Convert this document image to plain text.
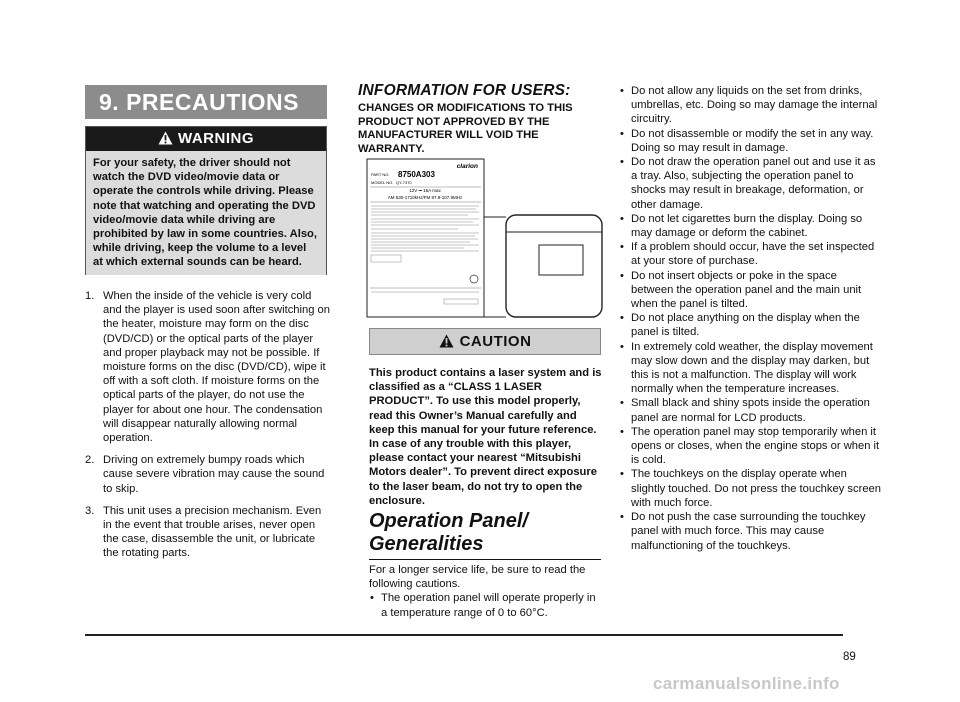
9. PRECAUTIONS
WARNING
For your safety, the driver should not watch the DVD video/movie data or operate the controls while driving. Please note that watching and operating the DVD video/movie data while driving are prohibited by law in some countries. Also, while driving, keep the volume to a level at which external sounds can be heard.
1. When the inside of the vehicle is very cold and the player is used soon after switching on the heater, moisture may form on the disc (DVD/CD) or the optical parts of the player and proper playback may not be possible. If moisture forms on the disc (DVD/CD), wipe it off with a soft cloth. If moisture forms on the optical parts of the player, do not use the player for about one hour. The condensation will disappear naturally allowing normal operation.
2. Driving on extremely bumpy roads which cause severe vibration may cause the sound to skip.
3. This unit uses a precision mechanism. Even in the event that trouble arises, never open the case, disassemble the unit, or lubricate the rotating parts.
INFORMATION FOR USERS:
CHANGES OR MODIFICATIONS TO THIS PRODUCT NOT APPROVED BY THE MANUFACTURER WILL VOID THE WARRANTY.
clarion
PART NO. 8750A303
MODEL NO. QY-7370
12V ⎓ 15A max
AM 530-1710kHz/FM 87.9-107.9MHz
CAUTION
This product contains a laser system and is classified as a “CLASS 1 LASER PRODUCT”. To use this model properly, read this Owner’s Manual carefully and keep this manual for your future reference. In case of any trouble with this player, please contact your nearest “Mitsubishi Motors dealer”. To prevent direct exposure to the laser beam, do not try to open the enclosure.
Operation Panel/
Generalities
For a longer service life, be sure to read the following cautions.
• The operation panel will operate properly in a temperature range of 0 to 60°C.
• Do not allow any liquids on the set from drinks, umbrellas, etc. Doing so may damage the internal circuitry.
• Do not disassemble or modify the set in any way. Doing so may result in damage.
• Do not draw the operation panel out and use it as a tray. Also, subjecting the operation panel to shocks may result in breakage, deformation, or other damage.
• Do not let cigarettes burn the display. Doing so may damage or deform the cabinet.
• If a problem should occur, have the set inspected at your store of purchase.
• Do not insert objects or poke in the space between the operation panel and the main unit when the panel is tilted.
• Do not place anything on the display when the panel is tilted.
• In extremely cold weather, the display movement may slow down and the display may darken, but this is not a malfunction. The display will work normally when the temperature increases.
• Small black and shiny spots inside the operation panel are normal for LCD products.
• The operation panel may stop temporarily when it opens or closes, when the engine stops or when it is cold.
• The touchkeys on the display operate when slightly touched. Do not press the touchkey screen with much force.
• Do not push the case surrounding the touchkey panel with much force. This may cause malfunctioning of the touchkeys.
89
carmanualsonline.info
